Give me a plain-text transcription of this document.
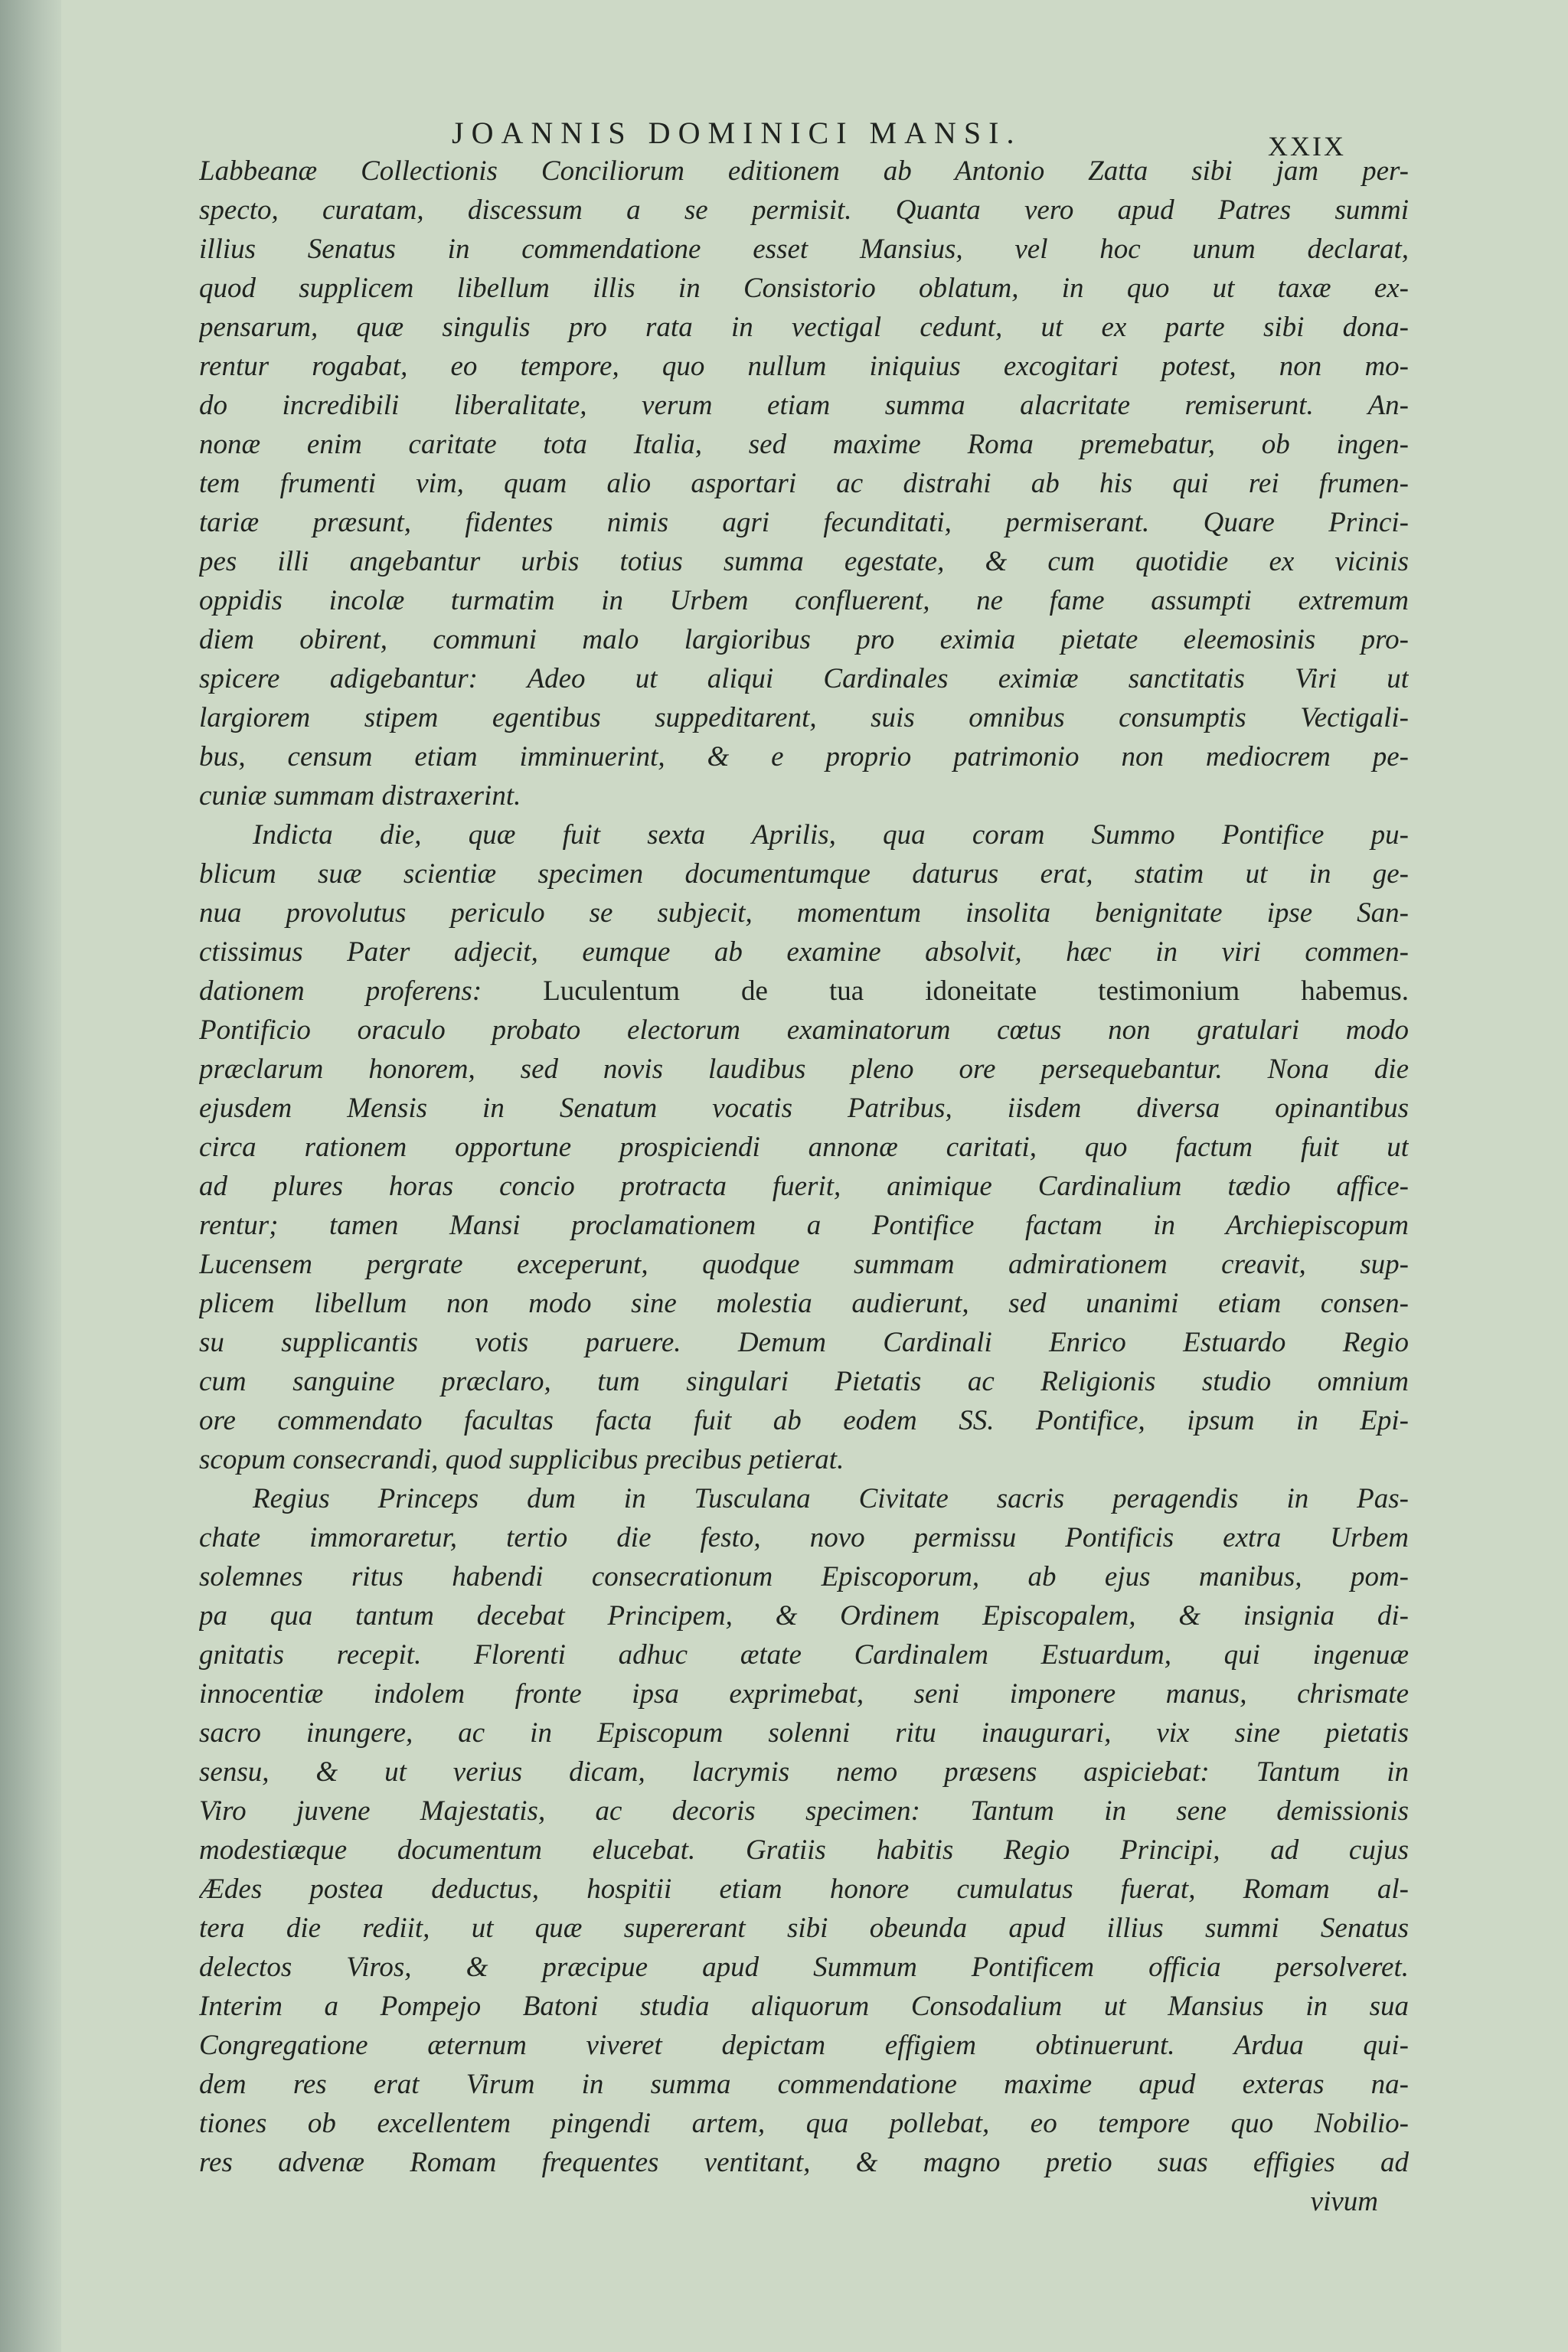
JOANNIS DOMINICI MANSI.	XXIX
Labbeanæ Collectionis Conciliorum editionem ab Antonio Zatta sibi jam per-
specto, curatam, discessum a se permisit. Quanta vero apud Patres summi
illius Senatus in commendatione esset Mansius, vel hoc unum declarat,
quod supplicem libellum illis in Consistorio oblatum, in quo ut taxæ ex-
pensarum, quæ singulis pro rata in vectigal cedunt, ut ex parte sibi dona-
rentur rogabat, eo tempore, quo nullum iniquius excogitari potest, non mo-
do incredibili liberalitate, verum etiam summa alacritate remiserunt. An-
nonæ enim caritate tota Italia, sed maxime Roma premebatur, ob ingen-
tem frumenti vim, quam alio asportari ac distrahi ab his qui rei frumen-
tariæ præsunt, fidentes nimis agri fecunditati, permiserant. Quare Princi-
pes illi angebantur urbis totius summa egestate, & cum quotidie ex vicinis
oppidis incolæ turmatim in Urbem confluerent, ne fame assumpti extremum
diem obirent, communi malo largioribus pro eximia pietate eleemosinis pro-
spicere adigebantur: Adeo ut aliqui Cardinales eximiæ sanctitatis Viri ut
largiorem stipem egentibus suppeditarent, suis omnibus consumptis Vectigali-
bus, censum etiam imminuerint, & e proprio patrimonio non mediocrem pe-
cuniæ summam distraxerint.
Indicta die, quæ fuit sexta Aprilis, qua coram Summo Pontifice pu-
blicum suæ scientiæ specimen documentumque daturus erat, statim ut in ge-
nua provolutus periculo se subjecit, momentum insolita benignitate ipse San-
ctissimus Pater adjecit, eumque ab examine absolvit, hæc in viri commen-
dationem proferens: Luculentum de tua idoneitate testimonium habemus.
Pontificio oraculo probato electorum examinatorum cœtus non gratulari modo
præclarum honorem, sed novis laudibus pleno ore persequebantur. Nona die
ejusdem Mensis in Senatum vocatis Patribus, iisdem diversa opinantibus
circa rationem opportune prospiciendi annonæ caritati, quo factum fuit ut
ad plures horas concio protracta fuerit, animique Cardinalium tædio affice-
rentur; tamen Mansi proclamationem a Pontifice factam in Archiepiscopum
Lucensem pergrate exceperunt, quodque summam admirationem creavit, sup-
plicem libellum non modo sine molestia audierunt, sed unanimi etiam consen-
su supplicantis votis paruere. Demum Cardinali Enrico Estuardo Regio
cum sanguine præclaro, tum singulari Pietatis ac Religionis studio omnium
ore commendato facultas facta fuit ab eodem SS. Pontifice, ipsum in Epi-
scopum consecrandi, quod supplicibus precibus petierat.
Regius Princeps dum in Tusculana Civitate sacris peragendis in Pas-
chate immoraretur, tertio die festo, novo permissu Pontificis extra Urbem
solemnes ritus habendi consecrationum Episcoporum, ab ejus manibus, pom-
pa qua tantum decebat Principem, & Ordinem Episcopalem, & insignia di-
gnitatis recepit. Florenti adhuc ætate Cardinalem Estuardum, qui ingenuæ
innocentiæ indolem fronte ipsa exprimebat, seni imponere manus, chrismate
sacro inungere, ac in Episcopum solenni ritu inaugurari, vix sine pietatis
sensu, & ut verius dicam, lacrymis nemo præsens aspiciebat: Tantum in
Viro juvene Majestatis, ac decoris specimen: Tantum in sene demissionis
modestiæque documentum elucebat. Gratiis habitis Regio Principi, ad cujus
Ædes postea deductus, hospitii etiam honore cumulatus fuerat, Romam al-
tera die rediit, ut quæ supererant sibi obeunda apud illius summi Senatus
delectos Viros, & præcipue apud Summum Pontificem officia persolveret.
Interim a Pompejo Batoni studia aliquorum Consodalium ut Mansius in sua
Congregatione æternum viveret depictam effigiem obtinuerunt. Ardua qui-
dem res erat Virum in summa commendatione maxime apud exteras na-
tiones ob excellentem pingendi artem, qua pollebat, eo tempore quo Nobilio-
res advenæ Romam frequentes ventitant, & magno pretio suas effigies ad
vivum
